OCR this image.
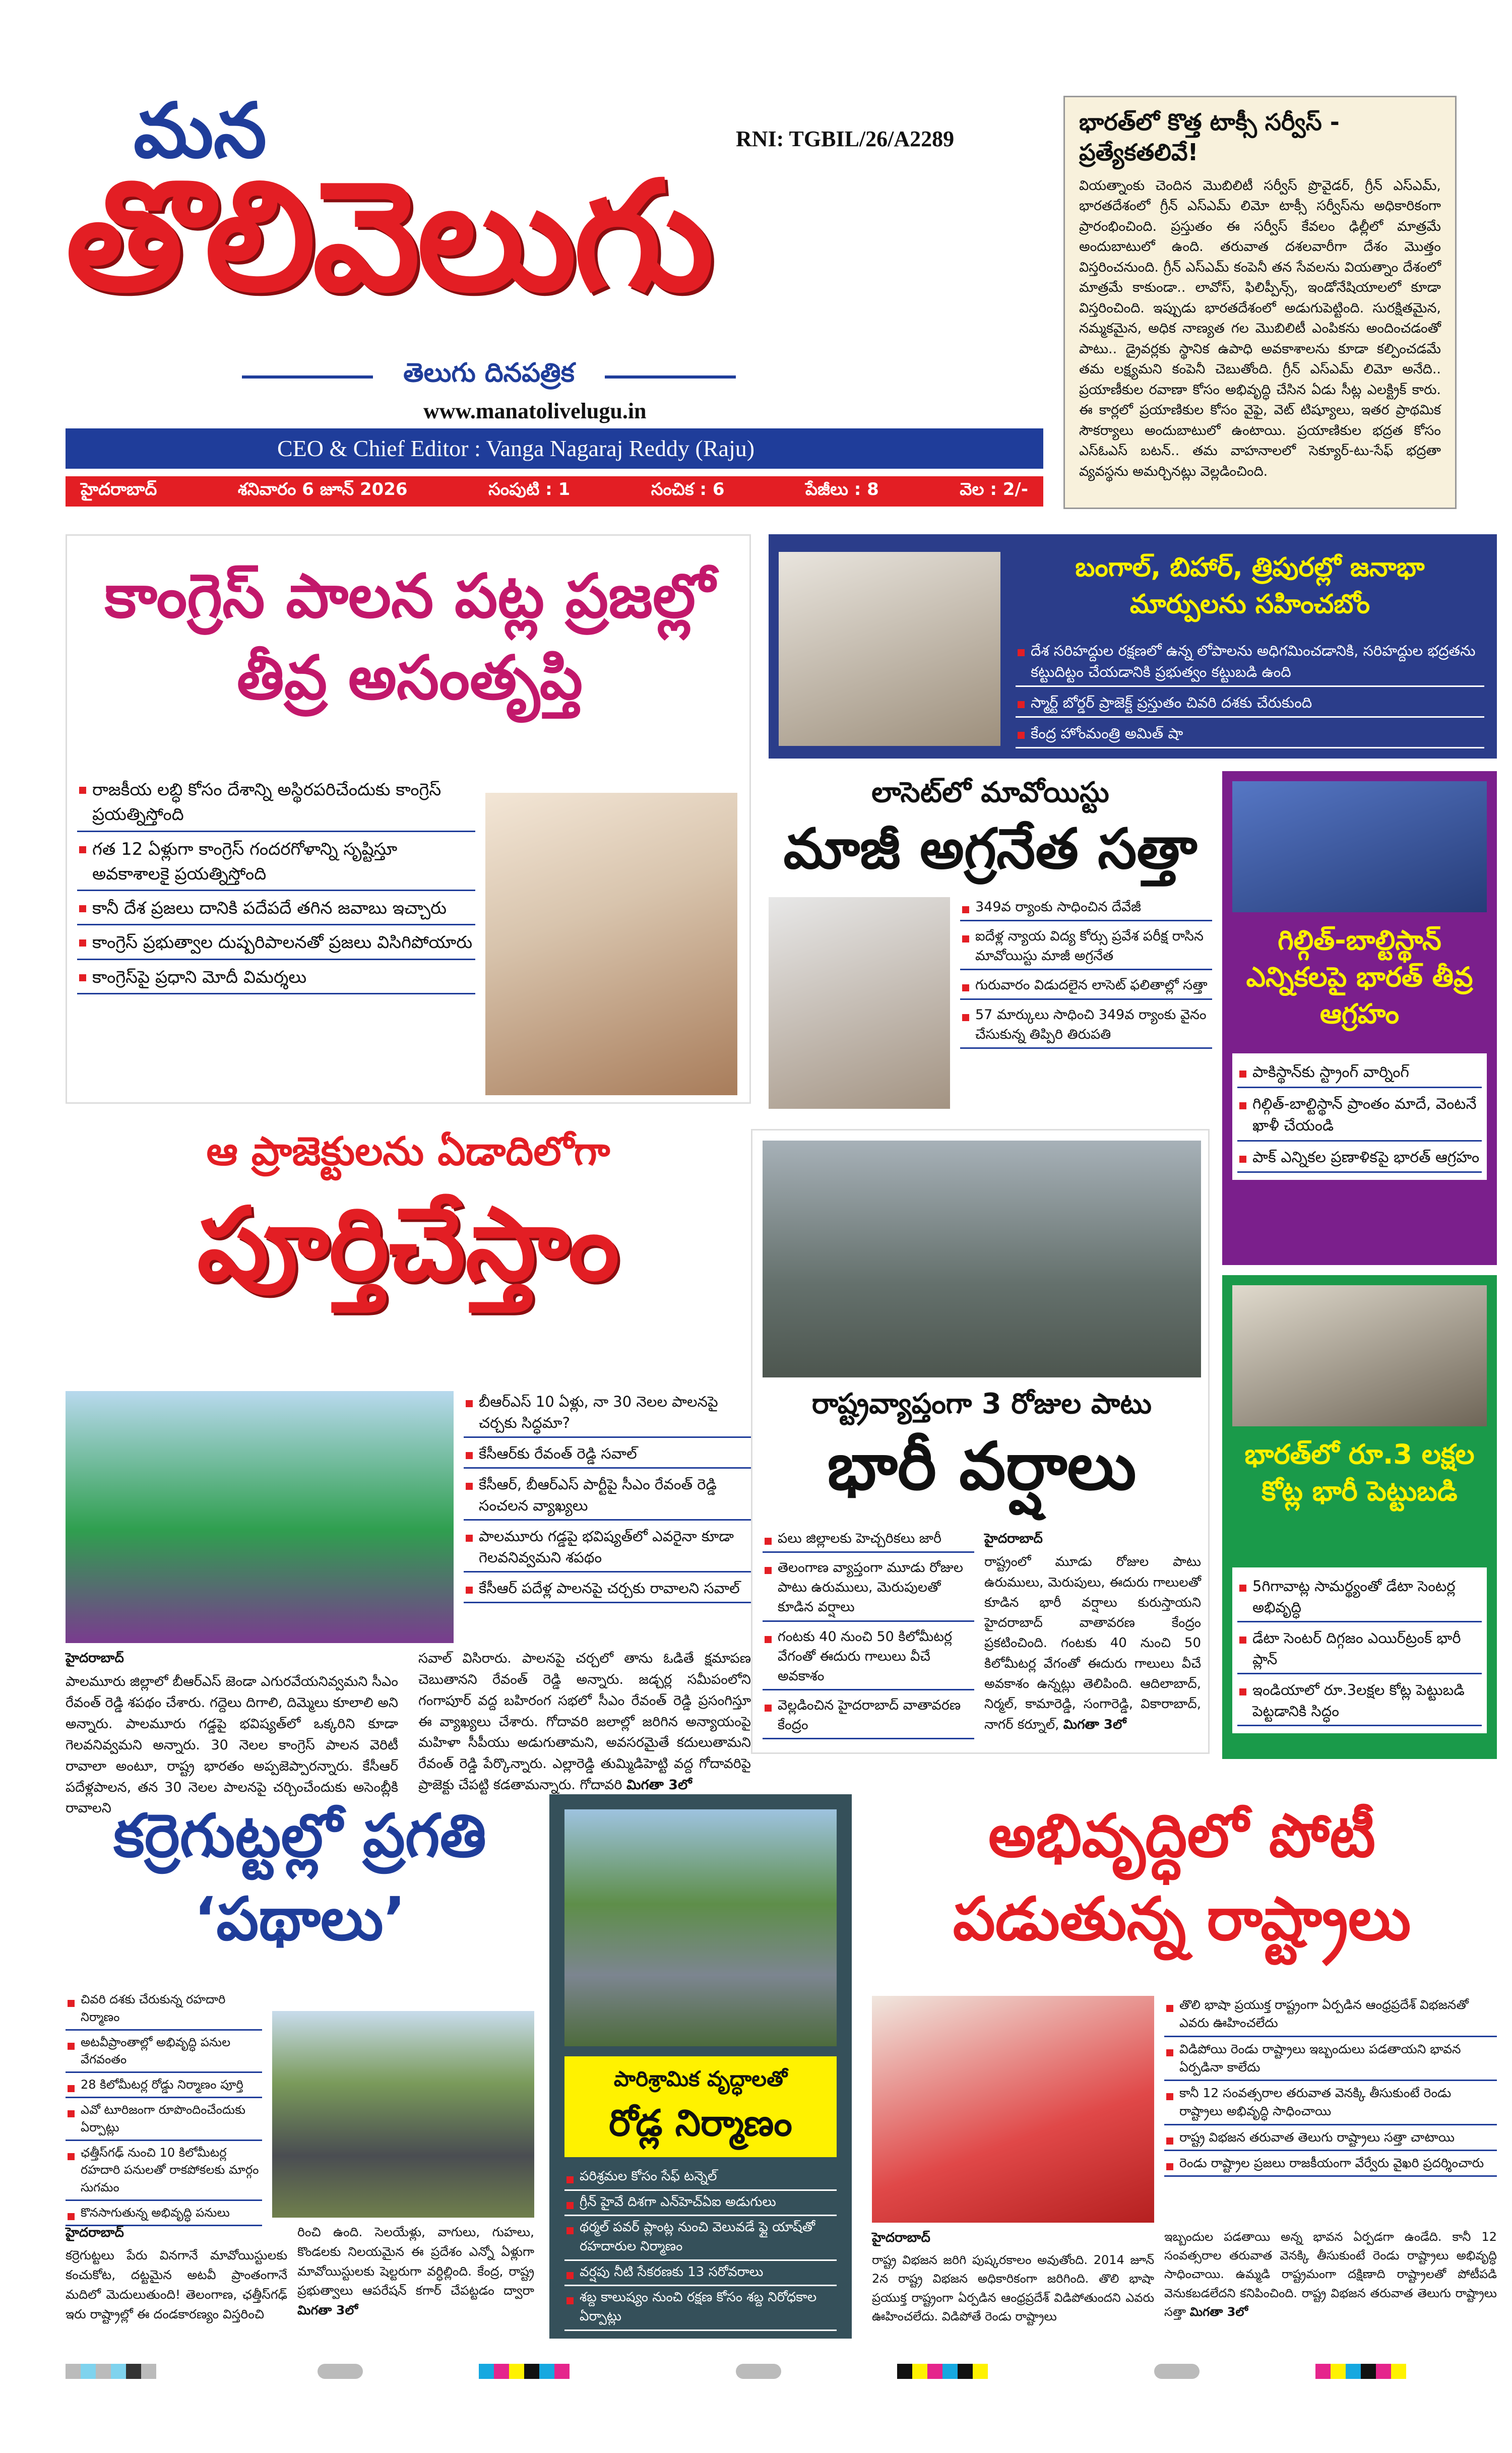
మన
తొలివెలుగు
RNI: TGBIL/26/A2289
తెలుగు దినపత్రిక
www.manatolivelugu.in
CEO & Chief Editor : Vanga Nagaraj Reddy (Raju)
హైదరాబాద్	శనివారం 6 జూన్ 2026	సంపుటి : 1	సంచిక : 6	పేజీలు : 8	వెల : 2/-
భారత్‌లో కొత్త టాక్సీ సర్వీస్ - ప్రత్యేకతలివే!

వియత్నాంకు చెందిన మొబిలిటీ సర్వీస్ ప్రొవైడర్, గ్రీన్ ఎస్ఎమ్, భారతదేశంలో గ్రీన్ ఎస్ఎమ్ లిమో టాక్సీ సర్వీస్‌ను అధికారికంగా ప్రారంభించింది. ప్రస్తుతం ఈ సర్వీస్ కేవలం ఢిల్లీలో మాత్రమే అందుబాటులో ఉంది. తరువాత దశలవారీగా దేశం మొత్తం విస్తరించనుంది. గ్రీన్ ఎస్ఎమ్ కంపెనీ తన సేవలను వియత్నాం దేశంలో మాత్రమే కాకుండా.. లావోస్, ఫిలిప్పీన్స్, ఇండోనేషియాలలో కూడా విస్తరించింది. ఇప్పుడు భారతదేశంలో అడుగుపెట్టింది. సురక్షితమైన, నమ్మకమైన, అధిక నాణ్యత గల మొబిలిటీ ఎంపికను అందించడంతో పాటు.. డ్రైవర్లకు స్థానిక ఉపాధి అవకాశాలను కూడా కల్పించడమే తమ లక్ష్యమని కంపెనీ చెబుతోంది. గ్రీన్ ఎస్ఎమ్ లిమో అనేది.. ప్రయాణీకుల రవాణా కోసం అభివృద్ధి చేసిన ఏడు సీట్ల ఎలక్ట్రిక్ కారు. ఈ కార్లలో ప్రయాణికుల కోసం వైఫై, వెట్ టిష్యూలు, ఇతర ప్రాథమిక సౌకర్యాలు అందుబాటులో ఉంటాయి. ప్రయాణికుల భద్రత కోసం ఎస్ఓఎస్ బటన్.. తమ వాహనాలలో సెక్యూర్-టు-సేఫ్ భద్రతా వ్యవస్థను అమర్చినట్లు వెల్లడించింది.

కాంగ్రెస్ పాలన పట్ల ప్రజల్లో తీవ్ర అసంతృప్తి
రాజకీయ లబ్ధి కోసం దేశాన్ని అస్థిరపరిచేందుకు కాంగ్రెస్ ప్రయత్నిస్తోంది
గత 12 ఏళ్లుగా కాంగ్రెస్ గందరగోళాన్ని సృష్టిస్తూ అవకాశాలకై ప్రయత్నిస్తోంది
కానీ దేశ ప్రజలు దానికి పదేపదే తగిన జవాబు ఇచ్చారు
కాంగ్రెస్ ప్రభుత్వాల దుష్పరిపాలనతో ప్రజలు విసిగిపోయారు
కాంగ్రెస్‌పై ప్రధాని మోదీ విమర్శలు
బంగాల్, బిహార్, త్రిపురల్లో జనాభా మార్పులను సహించబోం
దేశ సరిహద్దుల రక్షణలో ఉన్న లోపాలను అధిగమించడానికి, సరిహద్దుల భద్రతను కట్టుదిట్టం చేయడానికి ప్రభుత్వం కట్టుబడి ఉంది
స్మార్ట్ బోర్డర్ ప్రాజెక్ట్ ప్రస్తుతం చివరి దశకు చేరుకుంది
కేంద్ర హోంమంత్రి అమిత్ షా
లాసెట్‌లో మావోయిస్టు
మాజీ అగ్రనేత సత్తా
349వ ర్యాంకు సాధించిన దేవేజీ
ఐదేళ్ల న్యాయ విద్య కోర్సు ప్రవేశ పరీక్ష రాసిన మావోయిస్టు మాజీ అగ్రనేత
గురువారం విడుదలైన లాసెట్ ఫలితాల్లో సత్తా
57 మార్కులు సాధించి 349వ ర్యాంకు వైనం చేసుకున్న తిప్పిరి తిరుపతి
గిల్గిత్-బాల్టిస్థాన్ ఎన్నికలపై భారత్ తీవ్ర ఆగ్రహం
పాకిస్థాన్‌కు స్ట్రాంగ్ వార్నింగ్
గిల్గిత్-బాల్టిస్థాన్ ప్రాంతం మాదే, వెంటనే ఖాళీ చేయండి
పాక్ ఎన్నికల ప్రణాళికపై భారత్ ఆగ్రహం
ఆ ప్రాజెక్టులను ఏడాదిలోగా
పూర్తిచేస్తాం
బీఆర్ఎస్ 10 ఏళ్లు, నా 30 నెలల పాలనపై చర్చకు సిద్ధమా?
కేసీఆర్‌కు రేవంత్ రెడ్డి సవాల్
కేసీఆర్, బీఆర్ఎస్ పార్టీపై సీఎం రేవంత్ రెడ్డి సంచలన వ్యాఖ్యలు
పాలమూరు గడ్డపై భవిష్యత్‌లో ఎవరైనా కూడా గెలవనివ్వమని శపథం
కేసీఆర్ పదేళ్ల పాలనపై చర్చకు రావాలని సవాల్
హైదరాబాద్
పాలమూరు జిల్లాలో బీఆర్ఎస్ జెండా ఎగురవేయనివ్వమని సీఎం రేవంత్ రెడ్డి శపథం చేశారు. గద్దెలు దిగాలి, దిమ్మెలు కూలాలి అని అన్నారు. పాలమూరు గడ్డపై భవిష్యత్‌లో ఒక్కరిని కూడా గెలవనివ్వమని అన్నారు. 30 నెలల కాంగ్రెస్ పాలన వెరిటీ రావాలా అంటూ, రాష్ట్ర భారతం అప్పజెప్పారన్నారు. కేసీఆర్ పదేళ్లపాలన, తన 30 నెలల పాలనపై చర్చించేందుకు అసెంబ్లీకి రావాలని
సవాల్ విసిరారు. పాలనపై చర్చలో తాను ఓడితే క్షమాపణ చెబుతానని రేవంత్ రెడ్డి అన్నారు. జడ్చర్ల సమీపంలోని గంగాపూర్ వద్ద బహిరంగ సభలో సీఎం రేవంత్ రెడ్డి ప్రసంగిస్తూ ఈ వ్యాఖ్యలు చేశారు. గోదావరి జలాల్లో జరిగిన అన్యాయంపై మహిళా సీపీయు అడుగుతామని, అవసరమైతే కదులుతామని రేవంత్ రెడ్డి పేర్కొన్నారు. ఎల్లారెడ్డి తుమ్మిడిహెట్టి వద్ద గోదావరిపై ప్రాజెక్టు చేపట్టి కడతామన్నారు. గోదావరి మిగతా 3లో
రాష్ట్రవ్యాప్తంగా 3 రోజుల పాటు
భారీ వర్షాలు
పలు జిల్లాలకు హెచ్చరికలు జారీ
తెలంగాణ వ్యాప్తంగా మూడు రోజుల పాటు ఉరుములు, మెరుపులతో కూడిన వర్షాలు
గంటకు 40 నుంచి 50 కిలోమీటర్ల వేగంతో ఈదురు గాలులు వీచే అవకాశం
వెల్లడించిన హైదరాబాద్ వాతావరణ కేంద్రం
హైదరాబాద్
రాష్ట్రంలో మూడు రోజుల పాటు ఉరుములు, మెరుపులు, ఈదురు గాలులతో కూడిన భారీ వర్షాలు కురుస్తాయని హైదరాబాద్ వాతావరణ కేంద్రం ప్రకటించింది. గంటకు 40 నుంచి 50 కిలోమీటర్ల వేగంతో ఈదురు గాలులు వీచే అవకాశం ఉన్నట్లు తెలిపింది. ఆదిలాబాద్, నిర్మల్, కామారెడ్డి, సంగారెడ్డి, వికారాబాద్, నాగర్ కర్నూల్, మిగతా 3లో
భారత్‌లో రూ.3 లక్షల కోట్ల భారీ పెట్టుబడి
5గిగావాట్ల సామర్థ్యంతో డేటా సెంటర్ల అభివృద్ధి
డేటా సెంటర్ దిగ్గజం ఎయిర్‌ట్రంక్ భారీ ప్లాన్
ఇండియాలో రూ.3లక్షల కోట్ల పెట్టుబడి పెట్టడానికి సిద్ధం
కర్రెగుట్టల్లో ప్రగతి ‘పథాలు’
చివరి దశకు చేరుకున్న రహదారి నిర్మాణం
అటవీప్రాంతాల్లో అభివృద్ధి పనుల వేగవంతం
28 కిలోమీటర్ల రోడ్డు నిర్మాణం పూర్తి
ఎవో టూరిజంగా రూపొందించేందుకు ఏర్పాట్లు
ఛత్తీస్‌గఢ్ నుంచి 10 కిలోమీటర్ల రహదారి పనులతో రాకపోకలకు మార్గం సుగమం
కొనసాగుతున్న అభివృద్ధి పనులు
హైదరాబాద్
కర్రెగుట్టలు పేరు వినగానే మావోయిస్టులకు కంచుకోట, దట్టమైన అటవీ ప్రాంతంగానే మదిలో మెదులుతుంది! తెలంగాణ, ఛత్తీస్‌గఢ్ ఇరు రాష్ట్రాల్లో ఈ దండకారణ్యం విస్తరించి
రించి ఉంది. సెలయేళ్లు, వాగులు, గుహలు, కొండలకు నిలయమైన ఈ ప్రదేశం ఎన్నో ఏళ్లుగా మావోయిస్టులకు షెల్టరుగా వర్ధిల్లింది. కేంద్ర, రాష్ట్ర ప్రభుత్వాలు ఆపరేషన్ కగార్ చేపట్టడం ద్వారా మిగతా 3లో
పారిశ్రామిక వృద్ధాలతో
రోడ్ల నిర్మాణం
పరిశ్రమల కోసం సేఫ్ టన్నెల్
గ్రీన్ హైవే దిశగా ఎన్‌హెచ్ఏఐ అడుగులు
థర్మల్ పవర్ ప్లాంట్ల నుంచి వెలువడే ఫ్లై యాష్‌తో రహదారుల నిర్మాణం
వర్షపు నీటి సేకరణకు 13 సరోవరాలు
శబ్ద కాలుష్యం నుంచి రక్షణ కోసం శబ్ద నిరోధకాల ఏర్పాట్లు
అభివృద్ధిలో పోటీ పడుతున్న రాష్ట్రాలు
తొలి భాషా ప్రయుక్త రాష్ట్రంగా ఏర్పడిన ఆంధ్రప్రదేశ్ విభజనతో ఎవరు ఊహించలేదు
విడిపోయి రెండు రాష్ట్రాలు ఇబ్బందులు పడతాయని భావన ఏర్పడినా కాలేదు
కానీ 12 సంవత్సరాల తరువాత వెనక్కి తీసుకుంటే రెండు రాష్ట్రాలు అభివృద్ధి సాధించాయి
రాష్ట్ర విభజన తరువాత తెలుగు రాష్ట్రాలు సత్తా చాటాయి
రెండు రాష్ట్రాల ప్రజలు రాజకీయంగా వేర్వేరు వైఖరి ప్రదర్శించారు
హైదరాబాద్
రాష్ట్ర విభజన జరిగి పుష్కరకాలం అవుతోంది. 2014 జూన్ 2న రాష్ట్ర విభజన అధికారికంగా జరిగింది. తొలి భాషా ప్రయుక్త రాష్ట్రంగా ఏర్పడిన ఆంధ్రప్రదేశ్ విడిపోతుందని ఎవరు ఊహించలేదు. విడిపోతే రెండు రాష్ట్రాలు
ఇబ్బందుల పడతాయి అన్న భావన ఏర్పడగా ఉండేది. కానీ 12 సంవత్సరాల తరువాత వెనక్కి తీసుకుంటే రెండు రాష్ట్రాలు అభివృద్ధి సాధించాయి. ఉమ్మడి రాష్ట్రమంగా దక్షిణాది రాష్ట్రాలతో పోటీపడి వెనుకబడలేదని కనిపించింది. రాష్ట్ర విభజన తరువాత తెలుగు రాష్ట్రాలు సత్తా మిగతా 3లో
